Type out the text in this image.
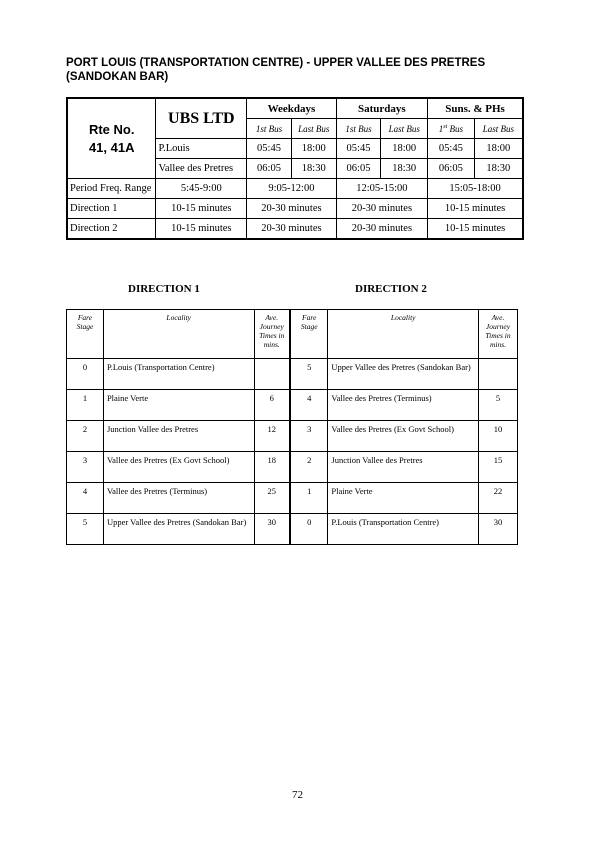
PORT LOUIS (TRANSPORTATION CENTRE) - UPPER VALLEE DES PRETRES (SANDOKAN BAR)
Rte No.
41, 41A	UBS LTD	Weekdays		Saturdays		Suns. & PHs	
		1st Bus	Last Bus	1st Bus	Last Bus	1st Bus	Last Bus
	P.Louis	05:45	18:00	05:45	18:00	05:45	18:00
	Vallee des Pretres	06:05	18:30	06:05	18:30	06:05	18:30
Period Freq. Range	5:45-9:00	9:05-12:00		12:05-15:00		15:05-18:00	
Direction 1	10-15 minutes	20-30 minutes		20-30 minutes		10-15 minutes	
Direction 2	10-15 minutes	20-30 minutes		20-30 minutes		10-15 minutes	
DIRECTION 1	DIRECTION 2
Fare Stage	Locality	Ave. Journey Times in mins.	Fare Stage	Locality	Ave. Journey Times in mins.
0	P.Louis (Transportation Centre)		5	Upper Vallee des Pretres (Sandokan Bar)	
1	Plaine Verte	6	4	Vallee des Pretres (Terminus)	5
2	Junction Vallee des Pretres	12	3	Vallee des Pretres (Ex Govt School)	10
3	Vallee des Pretres (Ex Govt School)	18	2	Junction Vallee des Pretres	15
4	Vallee des Pretres (Terminus)	25	1	Plaine Verte	22
5	Upper Vallee des Pretres (Sandokan Bar)	30	0	P.Louis (Transportation Centre)	30
72
